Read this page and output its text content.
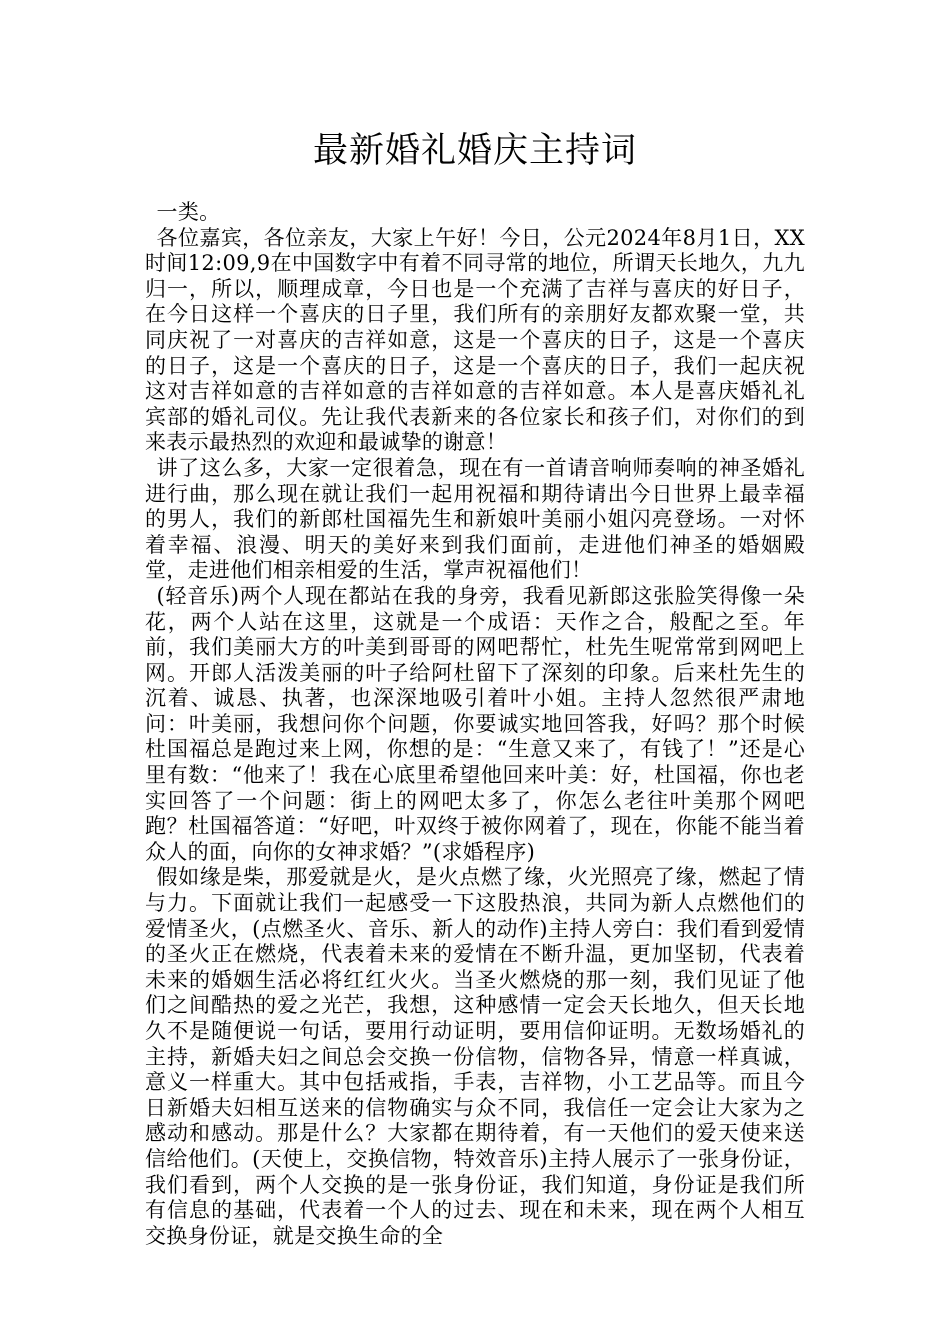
最新婚礼婚庆主持词

一类。

各位嘉宾，各位亲友，大家上午好！今日，公元2024年8月1日，XX时间12:09,9在中国数字中有着不同寻常的地位，所谓天长地久，九九归一，所以，顺理成章，今日也是一个充满了吉祥与喜庆的好日子，在今日这样一个喜庆的日子里，我们所有的亲朋好友都欢聚一堂，共同庆祝了一对喜庆的吉祥如意，这是一个喜庆的日子，这是一个喜庆的日子，这是一个喜庆的日子，这是一个喜庆的日子，我们一起庆祝这对吉祥如意的吉祥如意的吉祥如意的吉祥如意。本人是喜庆婚礼礼宾部的婚礼司仪。先让我代表新来的各位家长和孩子们，对你们的到来表示最热烈的欢迎和最诚挚的谢意！

讲了这么多，大家一定很着急，现在有一首请音响师奏响的神圣婚礼进行曲，那么现在就让我们一起用祝福和期待请出今日世界上最幸福的男人，我们的新郎杜国福先生和新娘叶美丽小姐闪亮登场。一对怀着幸福、浪漫、明天的美好来到我们面前，走进他们神圣的婚姻殿堂，走进他们相亲相爱的生活，掌声祝福他们！

(轻音乐)两个人现在都站在我的身旁，我看见新郎这张脸笑得像一朵花，两个人站在这里，这就是一个成语：天作之合，般配之至。年前，我们美丽大方的叶美到哥哥的网吧帮忙，杜先生呢常常到网吧上网。开郎人活泼美丽的叶子给阿杜留下了深刻的印象。后来杜先生的沉着、诚恳、执著，也深深地吸引着叶小姐。主持人忽然很严肃地问：叶美丽，我想问你个问题，你要诚实地回答我，好吗？那个时候杜国福总是跑过来上网，你想的是：“生意又来了，有钱了！”还是心里有数：“他来了！我在心底里希望他回来叶美：好，杜国福，你也老实回答了一个问题：街上的网吧太多了，你怎么老往叶美那个网吧跑？杜国福答道：“好吧，叶双终于被你网着了，现在，你能不能当着众人的面，向你的女神求婚？”(求婚程序)

假如缘是柴，那爱就是火，是火点燃了缘，火光照亮了缘，燃起了情与力。下面就让我们一起感受一下这股热浪，共同为新人点燃他们的爱情圣火，(点燃圣火、音乐、新人的动作)主持人旁白：我们看到爱情的圣火正在燃烧，代表着未来的爱情在不断升温，更加坚韧，代表着未来的婚姻生活必将红红火火。当圣火燃烧的那一刻，我们见证了他们之间酷热的爱之光芒，我想，这种感情一定会天长地久，但天长地久不是随便说一句话，要用行动证明，要用信仰证明。无数场婚礼的主持，新婚夫妇之间总会交换一份信物，信物各异，情意一样真诚，意义一样重大。其中包括戒指，手表，吉祥物，小工艺品等。而且今日新婚夫妇相互送来的信物确实与众不同，我信任一定会让大家为之感动和感动。那是什么？大家都在期待着，有一天他们的爱天使来送信给他们。(天使上，交换信物，特效音乐)主持人展示了一张身份证，我们看到，两个人交换的是一张身份证，我们知道，身份证是我们所有信息的基础，代表着一个人的过去、现在和未来，现在两个人相互交换身份证，就是交换生命的全
